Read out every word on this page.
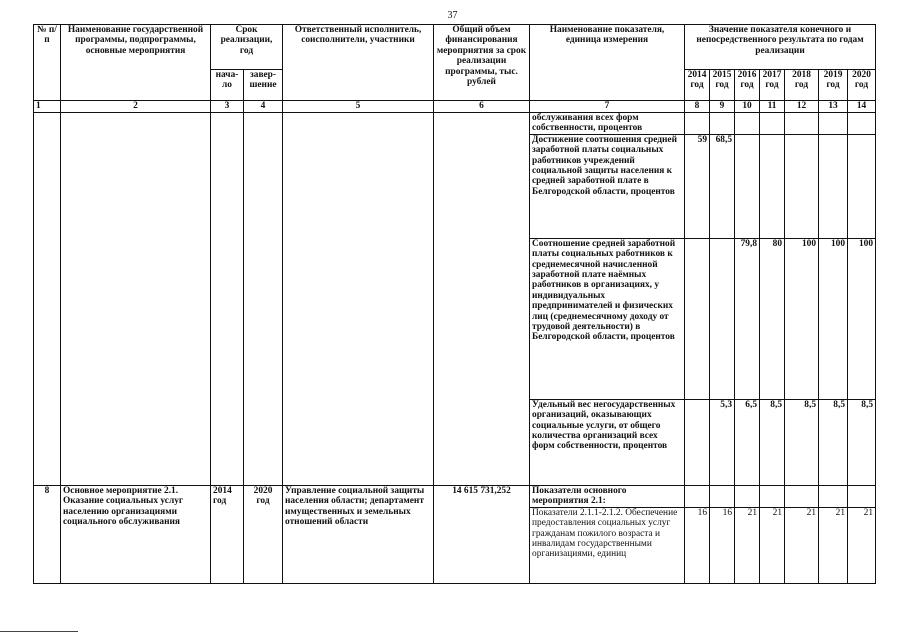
37
№ п/п	Наименование государственной программы, подпрограммы, основные мероприятия	Срок реализации, год		Ответственный исполнитель, соисполнители, участники	Общий объем финансирования мероприятия за срок реализации программы, тыс. рублей	Наименование показателя, единица измерения	Значение показателя конечного и непосредственного результата по годам реализации						
		нача-ло	завер-шение				2014 год	2015 год	2016 год	2017 год	2018 год	2019 год	2020 год
1	2	3	4	5	6	7	8	9	10	11	12	13	14
						обслуживания всех форм собственности, процентов							
						Достижение соотношения средней заработной платы социальных работников учреждений социальной защиты населения к средней заработной плате в Белгородской области, процентов	59	68,5					
						Соотношение средней заработной платы социальных работников к среднемесячной начисленной заработной плате наёмных работников в организациях, у индивидуальных предпринимателей и физических лиц (среднемесячному доходу от трудовой деятельности) в Белгородской области, процентов			79,8	80	100	100	100
						Удельный вес негосударственных организаций, оказывающих социальные услуги, от общего количества организаций всех форм собственности, процентов		5,3	6,5	8,5	8,5	8,5	8,5
8	Основное мероприятие 2.1. Оказание социальных услуг населению организациями социального обслуживания	2014 год	2020 год	Управление социальной защиты населения области; департамент имущественных и земельных отношений области	14 615 731,252	Показатели основного мероприятия 2.1:							
						Показатели 2.1.1-2.1.2. Обеспечение предоставления социальных услуг гражданам пожилого возраста и инвалидам государственными организациями, единиц	16	16	21	21	21	21	21
